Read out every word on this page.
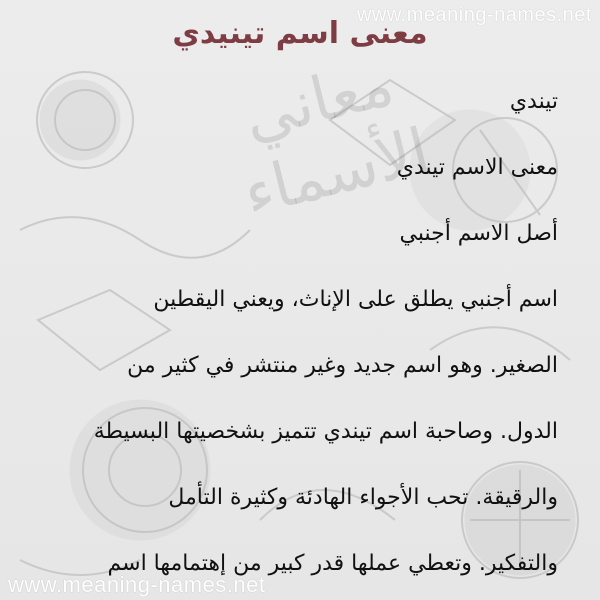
معاني الأسماء
www.meaning-names.net
معنى اسم تينيدي
تيندي
معنى الاسم تيندي
أصل الاسم أجنبي
اسم أجنبي يطلق على الإناث، ويعني اليقطين
الصغير. وهو اسم جديد وغير منتشر في كثير من
الدول. وصاحبة اسم تيندي تتميز بشخصيتها البسيطة
والرقيقة. تحب الأجواء الهادئة وكثيرة التأمل
والتفكير. وتعطي عملها قدر كبير من إهتمامها اسم
www.meaning-names.net
